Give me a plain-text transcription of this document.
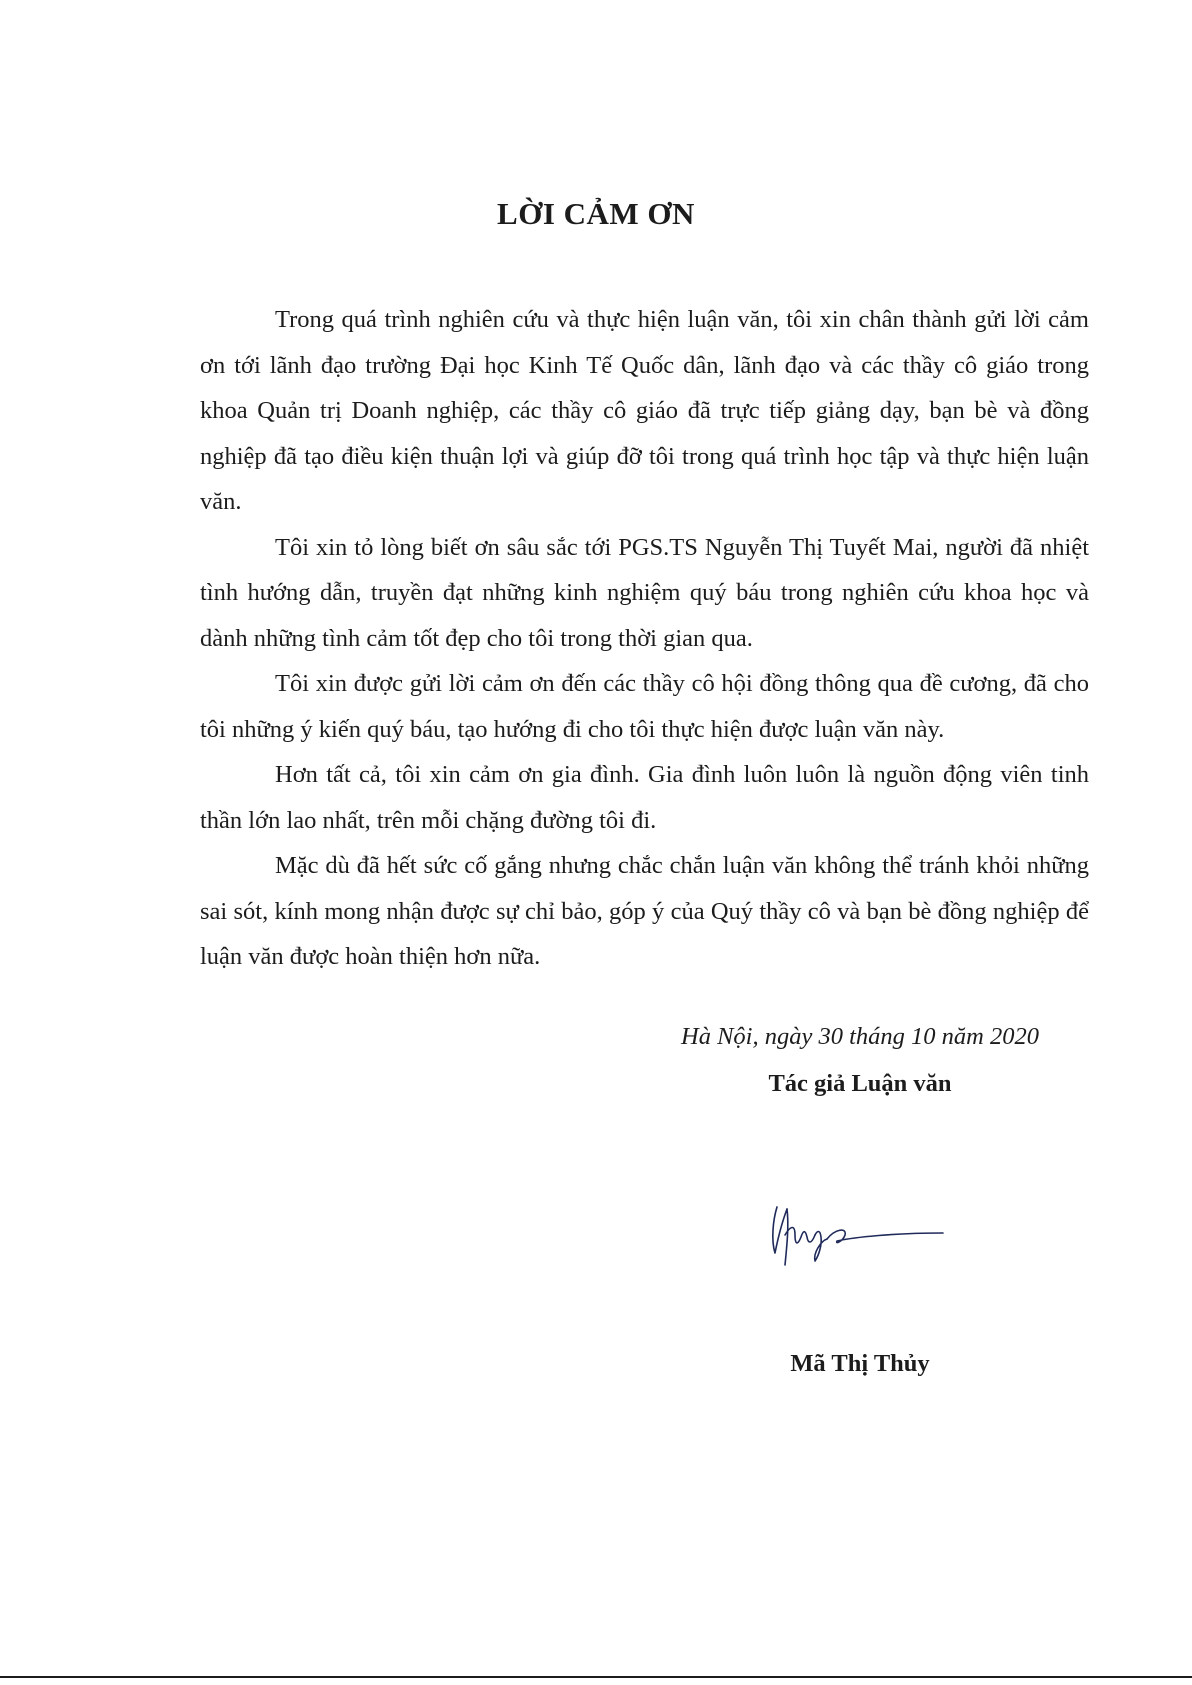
LỜI CẢM ƠN

Trong quá trình nghiên cứu và thực hiện luận văn, tôi xin chân thành gửi lời cảm ơn tới lãnh đạo trường Đại học Kinh Tế Quốc dân, lãnh đạo và các thầy cô giáo trong khoa Quản trị Doanh nghiệp, các thầy cô giáo đã trực tiếp giảng dạy, bạn bè và đồng nghiệp đã tạo điều kiện thuận lợi và giúp đỡ tôi trong quá trình học tập và thực hiện luận văn.

Tôi xin tỏ lòng biết ơn sâu sắc tới PGS.TS Nguyễn Thị Tuyết Mai, người đã nhiệt tình hướng dẫn, truyền đạt những kinh nghiệm quý báu trong nghiên cứu khoa học và dành những tình cảm tốt đẹp cho tôi trong thời gian qua.

Tôi xin được gửi lời cảm ơn đến các thầy cô hội đồng thông qua đề cương, đã cho tôi những ý kiến quý báu, tạo hướng đi cho tôi thực hiện được luận văn này.

Hơn tất cả, tôi xin cảm ơn gia đình. Gia đình luôn luôn là nguồn động viên tinh thần lớn lao nhất, trên mỗi chặng đường tôi đi.

Mặc dù đã hết sức cố gắng nhưng chắc chắn luận văn không thể tránh khỏi những sai sót, kính mong nhận được sự chỉ bảo, góp ý của Quý thầy cô và bạn bè đồng nghiệp để luận văn được hoàn thiện hơn nữa.

Hà Nội, ngày 30 tháng 10 năm 2020
Tác giả Luận văn
Mã Thị Thủy
